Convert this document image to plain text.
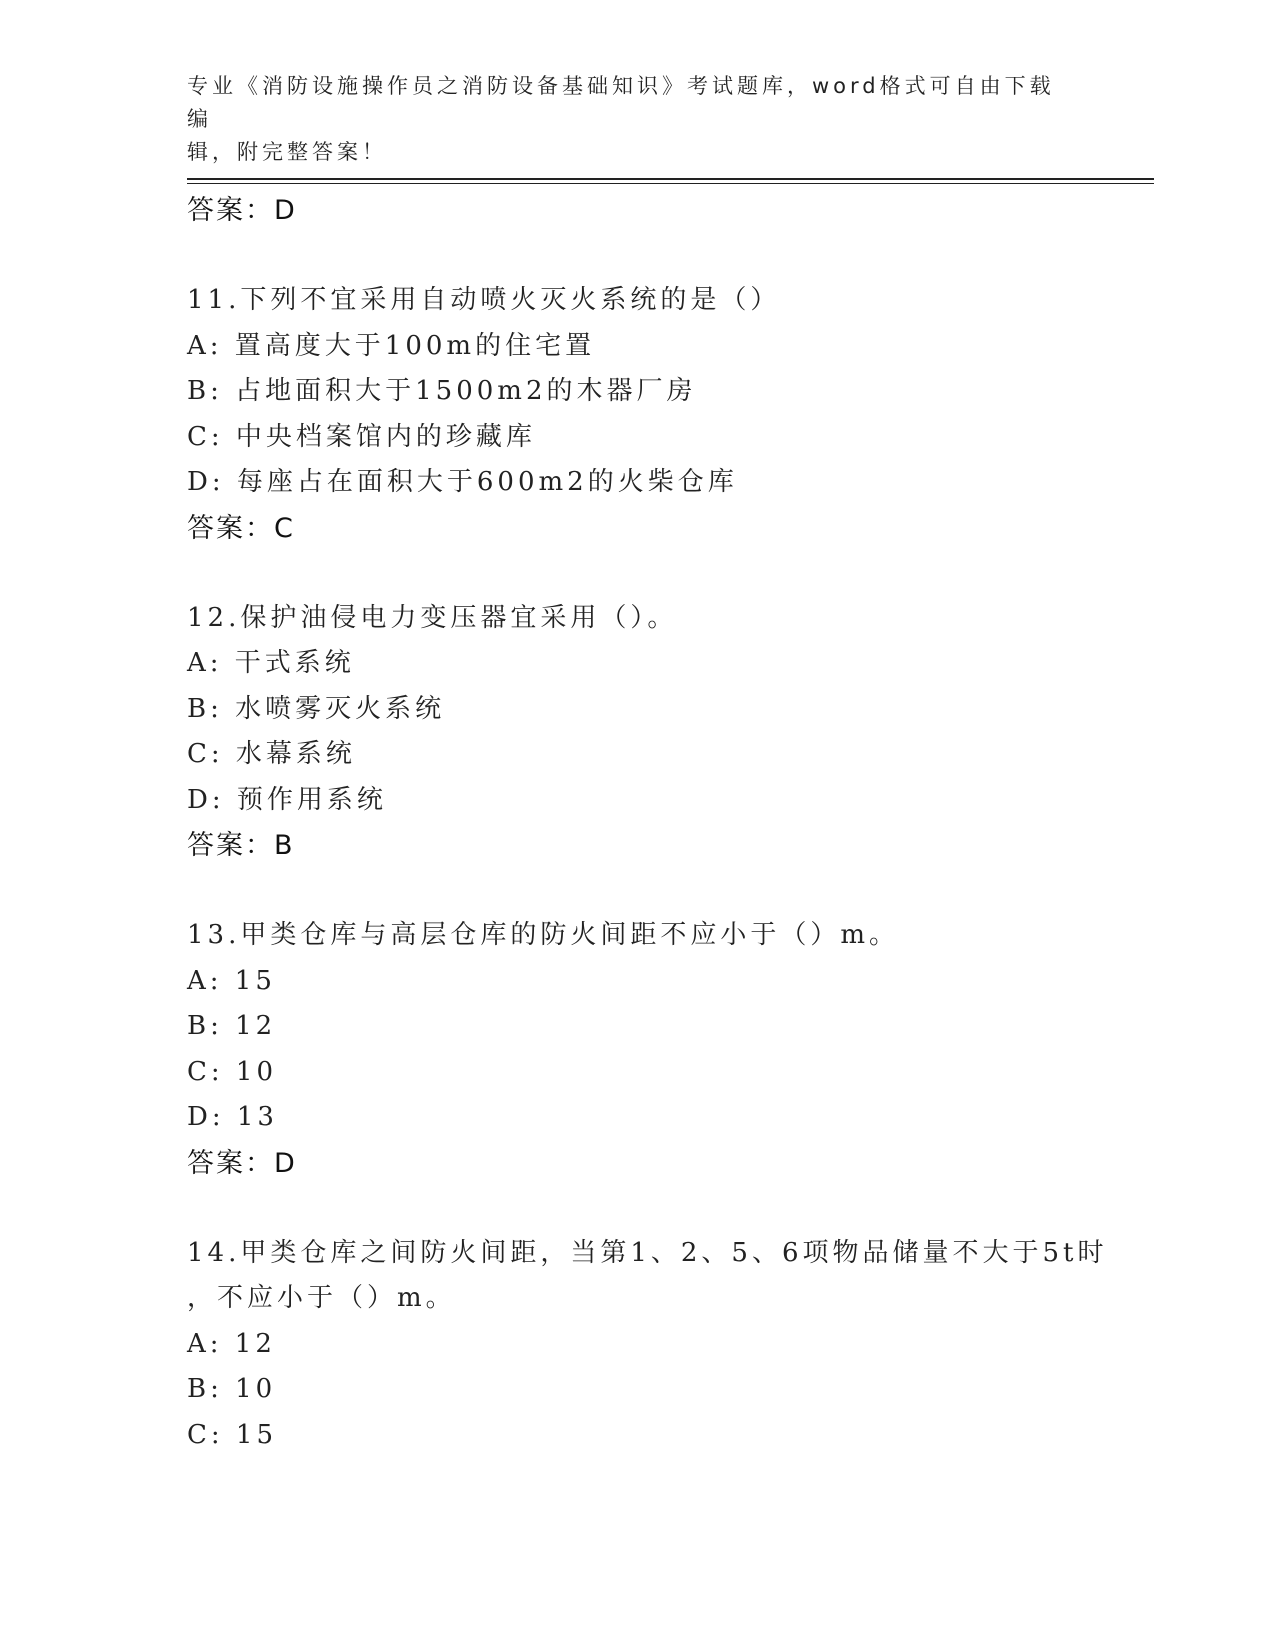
专业《消防设施操作员之消防设备基础知识》考试题库，word格式可自由下载编
辑，附完整答案！
答案：D
11.下列不宜采用自动喷火灭火系统的是（）
A: 置高度大于100m的住宅置
B: 占地面积大于1500m2的木器厂房
C: 中央档案馆内的珍藏库
D: 每座占在面积大于600m2的火柴仓库
答案：C
12.保护油侵电力变压器宜采用（）。
A: 干式系统
B: 水喷雾灭火系统
C: 水幕系统
D: 预作用系统
答案：B
13.甲类仓库与高层仓库的防火间距不应小于（）m。
A: 15
B: 12
C: 10
D: 13
答案：D
14.甲类仓库之间防火间距，当第1、2、5、6项物品储量不大于5t时
，不应小于（）m。
A: 12
B: 10
C: 15
